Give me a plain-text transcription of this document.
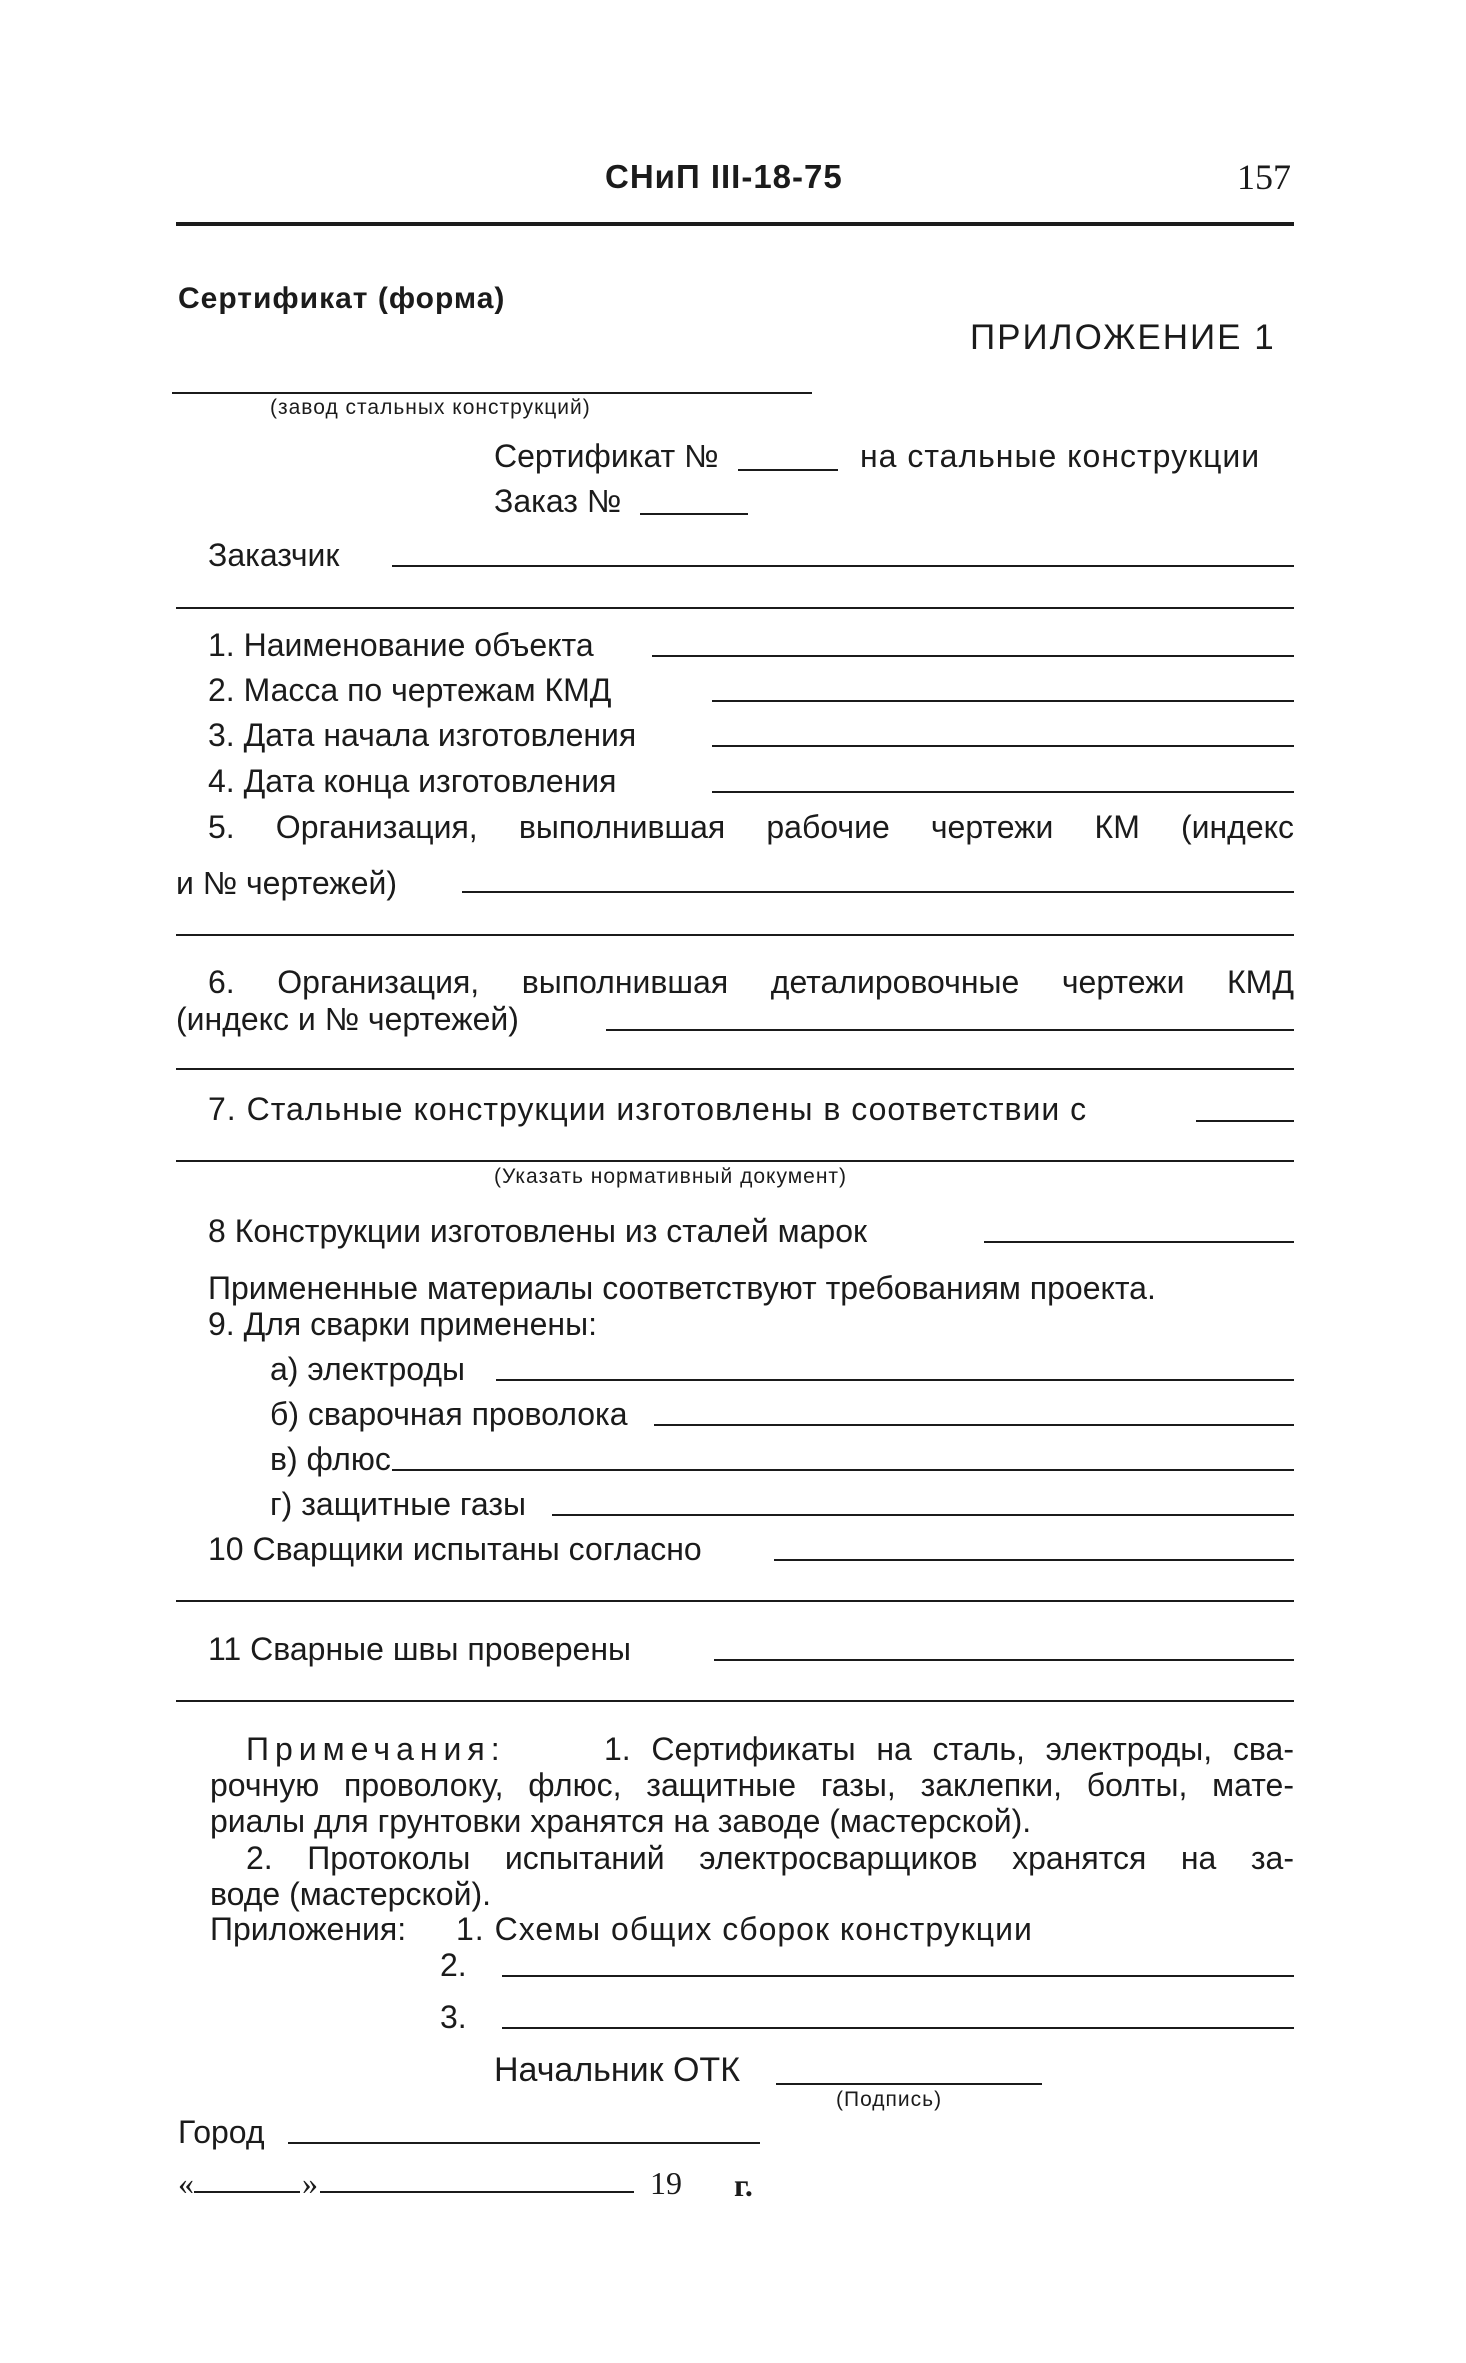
СНиП III-18-75	157
Сертификат (форма)
ПРИЛОЖЕНИЕ 1
(завод стальных конструкций)
Сертификат №	на стальные конструкции
Заказ №
Заказчик
1. Наименование объекта
2. Масса по чертежам КМД
3. Дата начала изготовления
4. Дата конца изготовления
5. Организация, выполнившая рабочие чертежи КМ (индекс
и № чертежей)
6. Организация, выполнившая деталировочные чертежи КМД
(индекс и № чертежей)
7. Стальные конструкции изготовлены в соответствии с
(Указать нормативный документ)
8 Конструкции изготовлены из сталей марок
Примененные материалы соответствуют требованиям проекта.
9. Для сварки применены:
а) электроды
б) сварочная проволока
в) флюс
г) защитные газы
10 Сварщики испытаны согласно
11 Сварные швы проверены
Примечания:	1. Сертификаты на сталь, электроды, сва-
рочную проволоку, флюс, защитные газы, заклепки, болты, мате-
риалы для грунтовки хранятся на заводе (мастерской).
2. Протоколы испытаний электросварщиков хранятся на за-
воде (мастерской).
Приложения: 1. Схемы общих сборок конструкции
2.
3.
Начальник ОТК
(Подпись)
Город
«	»	19 г.
